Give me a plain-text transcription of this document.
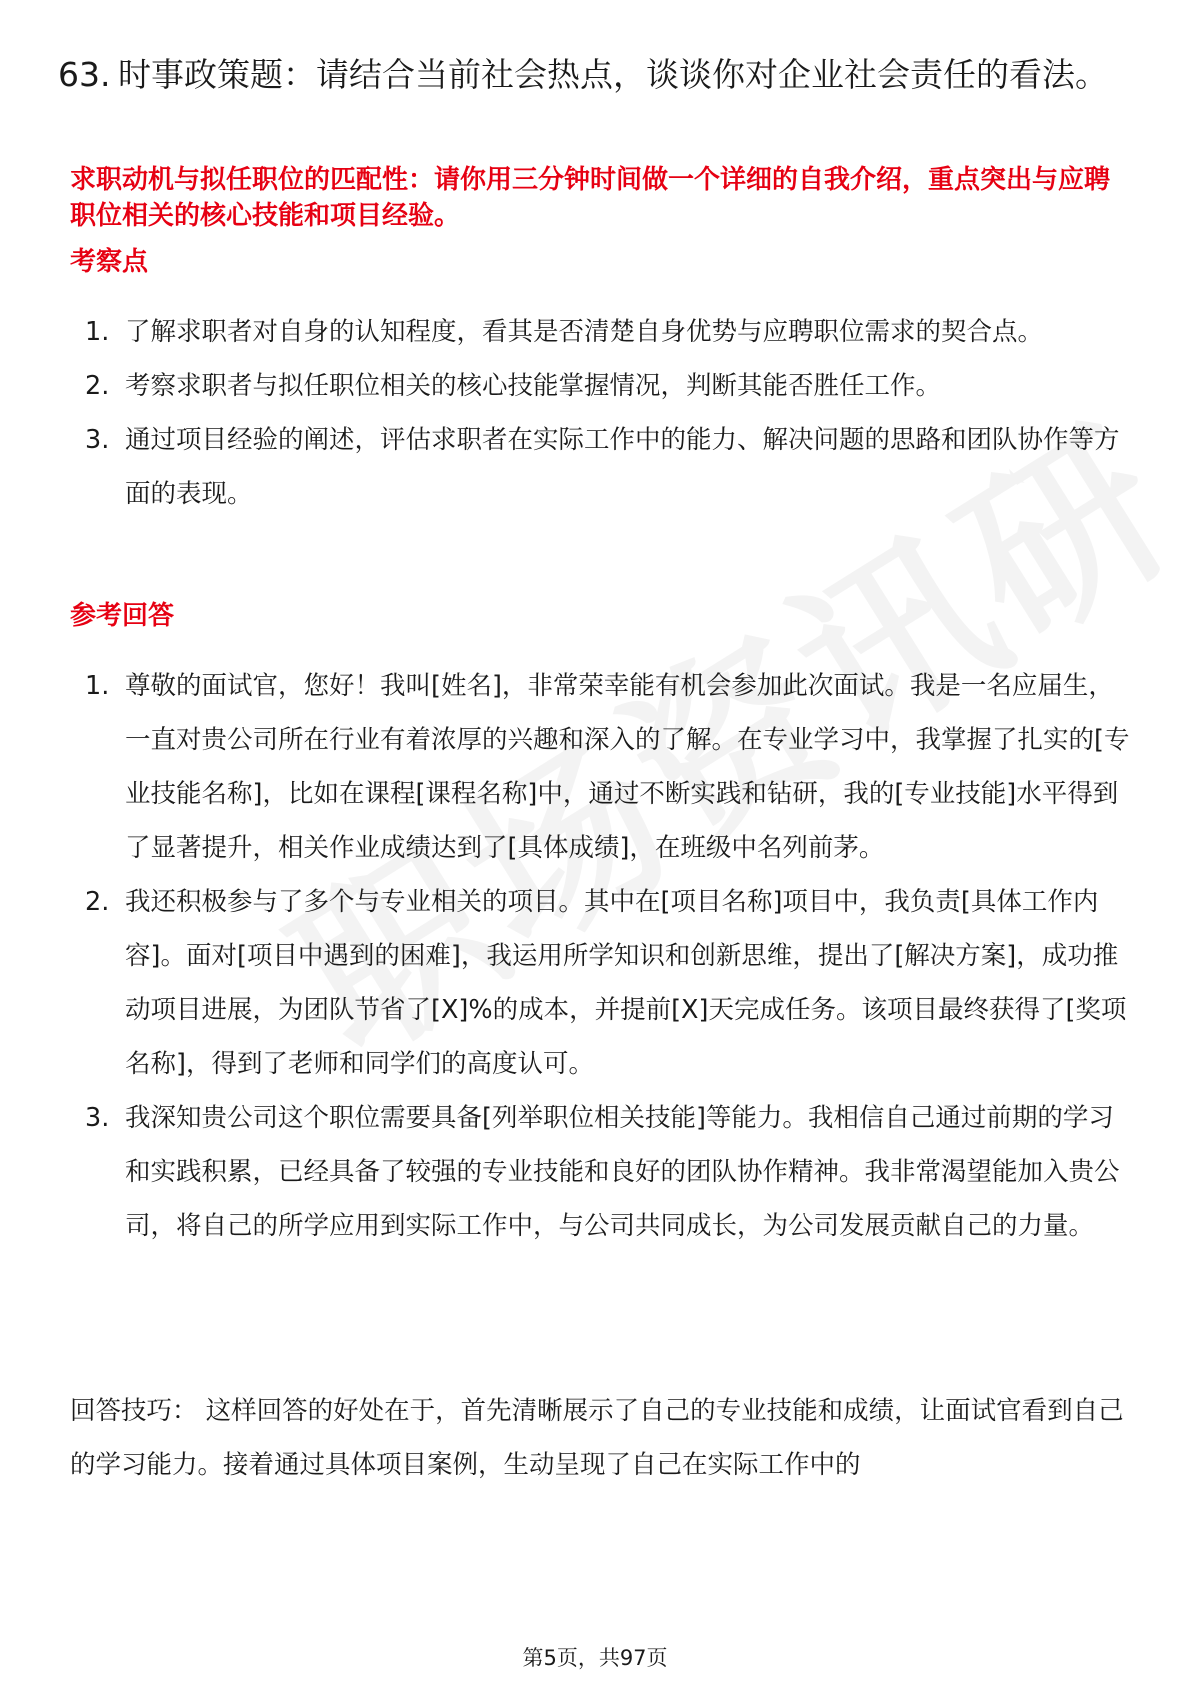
63. 时事政策题：请结合当前社会热点，谈谈你对企业社会责任的看法。

求职动机与拟任职位的匹配性：请你用三分钟时间做一个详细的自我介绍，重点突出与应聘职位相关的核心技能和项目经验。

考察点
1. 了解求职者对自身的认知程度，看其是否清楚自身优势与应聘职位需求的契合点。
2. 考察求职者与拟任职位相关的核心技能掌握情况，判断其能否胜任工作。
3. 通过项目经验的阐述，评估求职者在实际工作中的能力、解决问题的思路和团队协作等方面的表现。
参考回答
1. 尊敬的面试官，您好！我叫[姓名]，非常荣幸能有机会参加此次面试。我是一名应届生，一直对贵公司所在行业有着浓厚的兴趣和深入的了解。在专业学习中，我掌握了扎实的[专业技能名称]，比如在课程[课程名称]中，通过不断实践和钻研，我的[专业技能]水平得到了显著提升，相关作业成绩达到了[具体成绩]，在班级中名列前茅。
2. 我还积极参与了多个与专业相关的项目。其中在[项目名称]项目中，我负责[具体工作内容]。面对[项目中遇到的困难]，我运用所学知识和创新思维，提出了[解决方案]，成功推动项目进展，为团队节省了[X]%的成本，并提前[X]天完成任务。该项目最终获得了[奖项名称]，得到了老师和同学们的高度认可。
3. 我深知贵公司这个职位需要具备[列举职位相关技能]等能力。我相信自己通过前期的学习和实践积累，已经具备了较强的专业技能和良好的团队协作精神。我非常渴望能加入贵公司，将自己的所学应用到实际工作中，与公司共同成长，为公司发展贡献自己的力量。

回答技巧： 这样回答的好处在于，首先清晰展示了自己的专业技能和成绩，让面试官看到自己的学习能力。接着通过具体项目案例，生动呈现了自己在实际工作中的

第5页，共97页
